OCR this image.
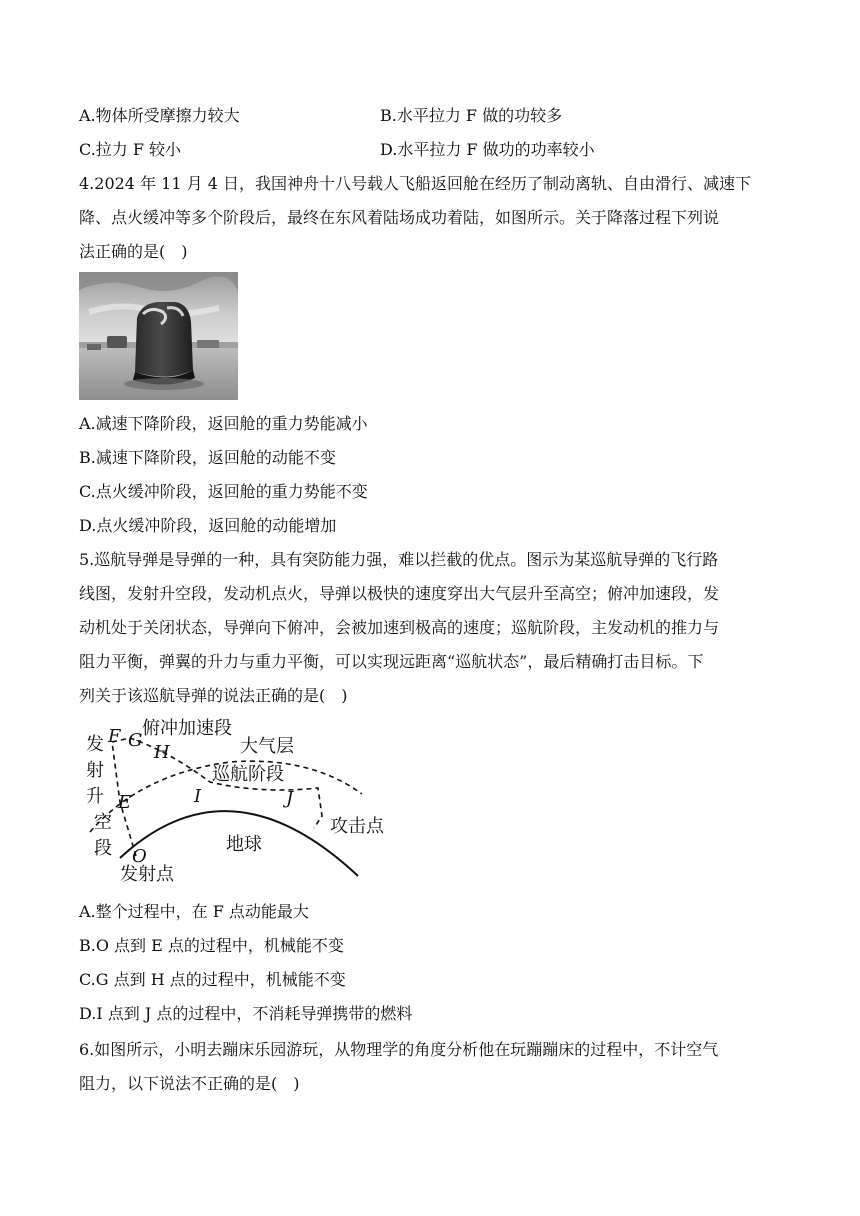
A.物体所受摩擦力较大	B.水平拉力 F 做的功较多
C.拉力 F 较小	D.水平拉力 F 做功的功率较小
4.2024 年 11 月 4 日，我国神舟十八号载人飞船返回舱在经历了制动离轨、自由滑行、减速下
降、点火缓冲等多个阶段后，最终在东风着陆场成功着陆，如图所示。关于降落过程下列说
法正确的是(　)
A.减速下降阶段，返回舱的重力势能减小
B.减速下降阶段，返回舱的动能不变
C.点火缓冲阶段，返回舱的重力势能不变
D.点火缓冲阶段，返回舱的动能增加
5.巡航导弹是导弹的一种，具有突防能力强，难以拦截的优点。图示为某巡航导弹的飞行路
线图，发射升空段，发动机点火，导弹以极快的速度穿出大气层升至高空；俯冲加速段，发
动机处于关闭状态，导弹向下俯冲，会被加速到极高的速度；巡航阶段，主发动机的推力与
阻力平衡，弹翼的升力与重力平衡，可以实现远距离“巡航状态”，最后精确打击目标。下
列关于该巡航导弹的说法正确的是(　)
发
射
升
空
段
F G
H
E	I	J
O
俯冲加速段
大气层
巡航阶段
地球
攻击点
发射点
A.整个过程中，在 F 点动能最大
B.O 点到 E 点的过程中，机械能不变
C.G 点到 H 点的过程中，机械能不变
D.I 点到 J 点的过程中，不消耗导弹携带的燃料
6.如图所示，小明去蹦床乐园游玩，从物理学的角度分析他在玩蹦蹦床的过程中，不计空气
阻力，以下说法不正确的是(　)
